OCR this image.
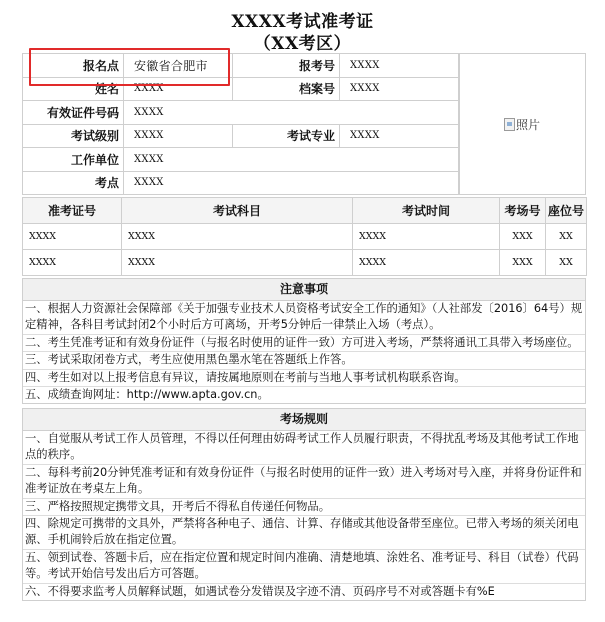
XXXX考试准考证
（XX考区）
报名点	安徽省合肥市	报考号	XXXX
姓名	XXXX	档案号	XXXX
有效证件号码	XXXX		
考试级别	XXXX	考试专业	XXXX
工作单位	XXXX		
考点	XXXX		
照片
准考证号	考试科目	考试时间	考场号	座位号
XXXX	XXXX	XXXX	XXX	XX
XXXX	XXXX	XXXX	XXX	XX
注意事项
一、根据人力资源社会保障部《关于加强专业技术人员资格考试安全工作的通知》（人社部发〔2016〕64号）规定精神，各科目考试封闭2个小时后方可离场，开考5分钟后一律禁止入场（考点）。
二、考生凭准考证和有效身份证件（与报名时使用的证件一致）方可进入考场，严禁将通讯工具带入考场座位。
三、考试采取闭卷方式，考生应使用黑色墨水笔在答题纸上作答。
四、考生如对以上报考信息有异议，请按属地原则在考前与当地人事考试机构联系咨询。
五、成绩查询网址：http://www.apta.gov.cn。
考场规则
一、自觉服从考试工作人员管理，不得以任何理由妨碍考试工作人员履行职责，不得扰乱考场及其他考试工作地点的秩序。
二、每科考前20分钟凭准考证和有效身份证件（与报名时使用的证件一致）进入考场对号入座，并将身份证件和准考证放在考桌左上角。
三、严格按照规定携带文具，开考后不得私自传递任何物品。
四、除规定可携带的文具外，严禁将各种电子、通信、计算、存储或其他设备带至座位。已带入考场的须关闭电源、手机闹铃后放在指定位置。
五、领到试卷、答题卡后，应在指定位置和规定时间内准确、清楚地填、涂姓名、准考证号、科目（试卷）代码等。考试开始信号发出后方可答题。
六、不得要求监考人员解释试题，如遇试卷分发错误及字迹不清、页码序号不对或答题卡有%E
